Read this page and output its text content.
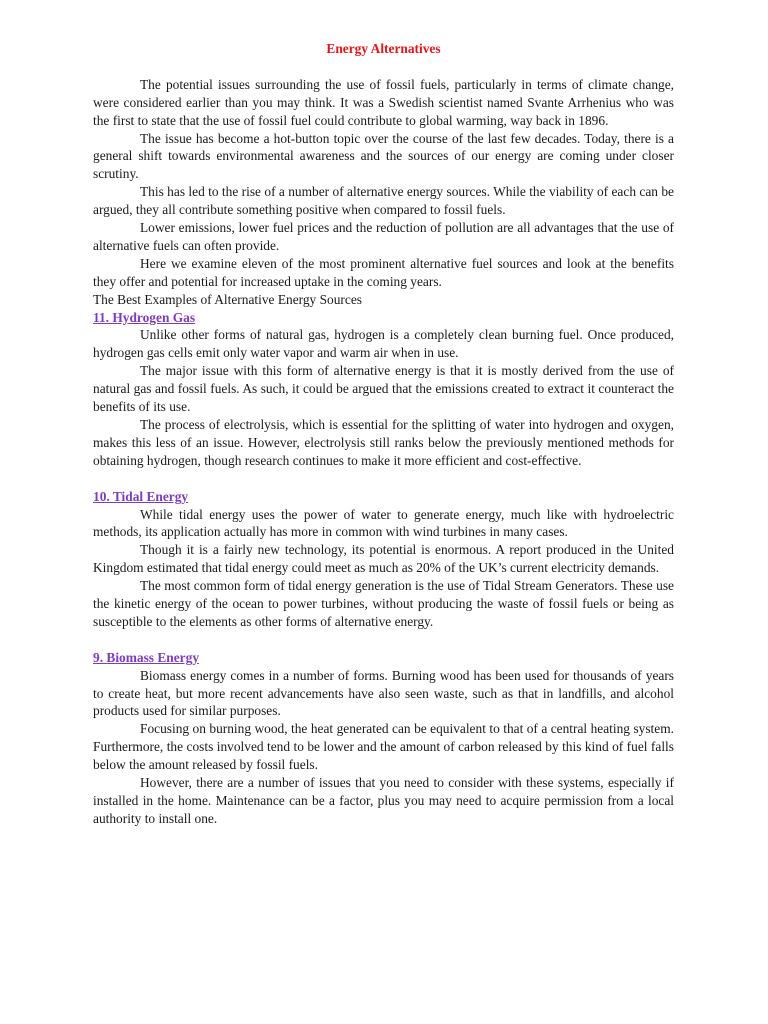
Energy Alternatives

The potential issues surrounding the use of fossil fuels, particularly in terms of climate change, were considered earlier than you may think. It was a Swedish scientist named Svante Arrhenius who was the first to state that the use of fossil fuel could contribute to global warming, way back in 1896.

The issue has become a hot-button topic over the course of the last few decades. Today, there is a general shift towards environmental awareness and the sources of our energy are coming under closer scrutiny.

This has led to the rise of a number of alternative energy sources. While the viability of each can be argued, they all contribute something positive when compared to fossil fuels.

Lower emissions, lower fuel prices and the reduction of pollution are all advantages that the use of alternative fuels can often provide.

Here we examine eleven of the most prominent alternative fuel sources and look at the benefits they offer and potential for increased uptake in the coming years.

The Best Examples of Alternative Energy Sources

11. Hydrogen Gas

Unlike other forms of natural gas, hydrogen is a completely clean burning fuel. Once produced, hydrogen gas cells emit only water vapor and warm air when in use.

The major issue with this form of alternative energy is that it is mostly derived from the use of natural gas and fossil fuels. As such, it could be argued that the emissions created to extract it counteract the benefits of its use.

The process of electrolysis, which is essential for the splitting of water into hydrogen and oxygen, makes this less of an issue. However, electrolysis still ranks below the previously mentioned methods for obtaining hydrogen, though research continues to make it more efficient and cost-effective.

10. Tidal Energy

While tidal energy uses the power of water to generate energy, much like with hydroelectric methods, its application actually has more in common with wind turbines in many cases.

Though it is a fairly new technology, its potential is enormous. A report produced in the United Kingdom estimated that tidal energy could meet as much as 20% of the UK’s current electricity demands.

The most common form of tidal energy generation is the use of Tidal Stream Generators. These use the kinetic energy of the ocean to power turbines, without producing the waste of fossil fuels or being as susceptible to the elements as other forms of alternative energy.

9. Biomass Energy

Biomass energy comes in a number of forms. Burning wood has been used for thousands of years to create heat, but more recent advancements have also seen waste, such as that in landfills, and alcohol products used for similar purposes.

Focusing on burning wood, the heat generated can be equivalent to that of a central heating system. Furthermore, the costs involved tend to be lower and the amount of carbon released by this kind of fuel falls below the amount released by fossil fuels.

However, there are a number of issues that you need to consider with these systems, especially if installed in the home. Maintenance can be a factor, plus you may need to acquire permission from a local authority to install one.
